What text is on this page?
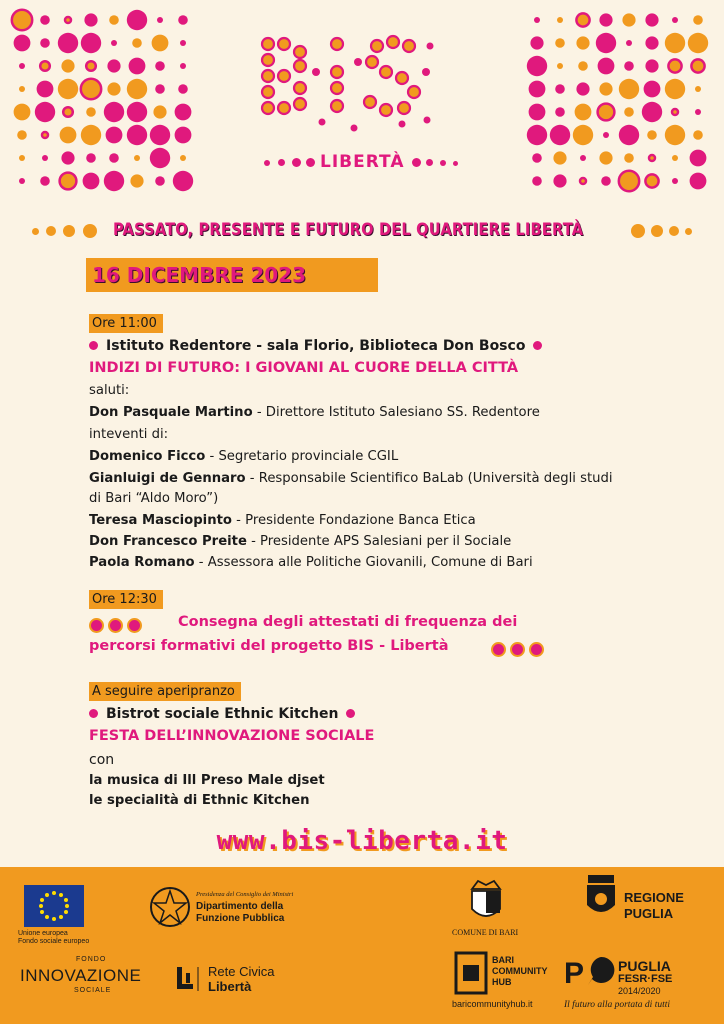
LIBERTÀ
PASSATO, PRESENTE E FUTURO DEL QUARTIERE LIBERTÀ
16 DICEMBRE 2023
Ore 11:00
Istituto Redentore - sala Florio, Biblioteca Don Bosco
INDIZI DI FUTURO: I GIOVANI AL CUORE DELLA CITTÀ
saluti:
Don Pasquale Martino - Direttore Istituto Salesiano SS. Redentore
inteventi di:
Domenico Ficco - Segretario provinciale CGIL
Gianluigi de Gennaro - Responsabile Scientifico BaLab (Università degli studi
di Bari “Aldo Moro”)
Teresa Masciopinto - Presidente Fondazione Banca Etica
Don Francesco Preite - Presidente APS Salesiani per il Sociale
Paola Romano - Assessora alle Politiche Giovanili, Comune di Bari
Ore 12:30
Consegna degli attestati di frequenza dei
percorsi formativi del progetto BIS - Libertà
A seguire aperipranzo
Bistrot sociale Ethnic Kitchen
FESTA DELL’INNOVAZIONE SOCIALE
con
la musica di Ill Preso Male djset
le specialità di Ethnic Kitchen
www.bis-liberta.it
Unione europea
Fondo sociale europeo
Presidenza del Consiglio dei Ministri
Dipartimento della
Funzione Pubblica
COMUNE DI BARI
REGIONE
PUGLIA
FONDO
INNOVAZIONE
SOCIALE
Rete Civica
Libertà
BARI
COMMUNITY
HUB
baricommunityhub.it
P PUGLIA
FESR·FSE
2014/2020
Il futuro alla portata di tutti
